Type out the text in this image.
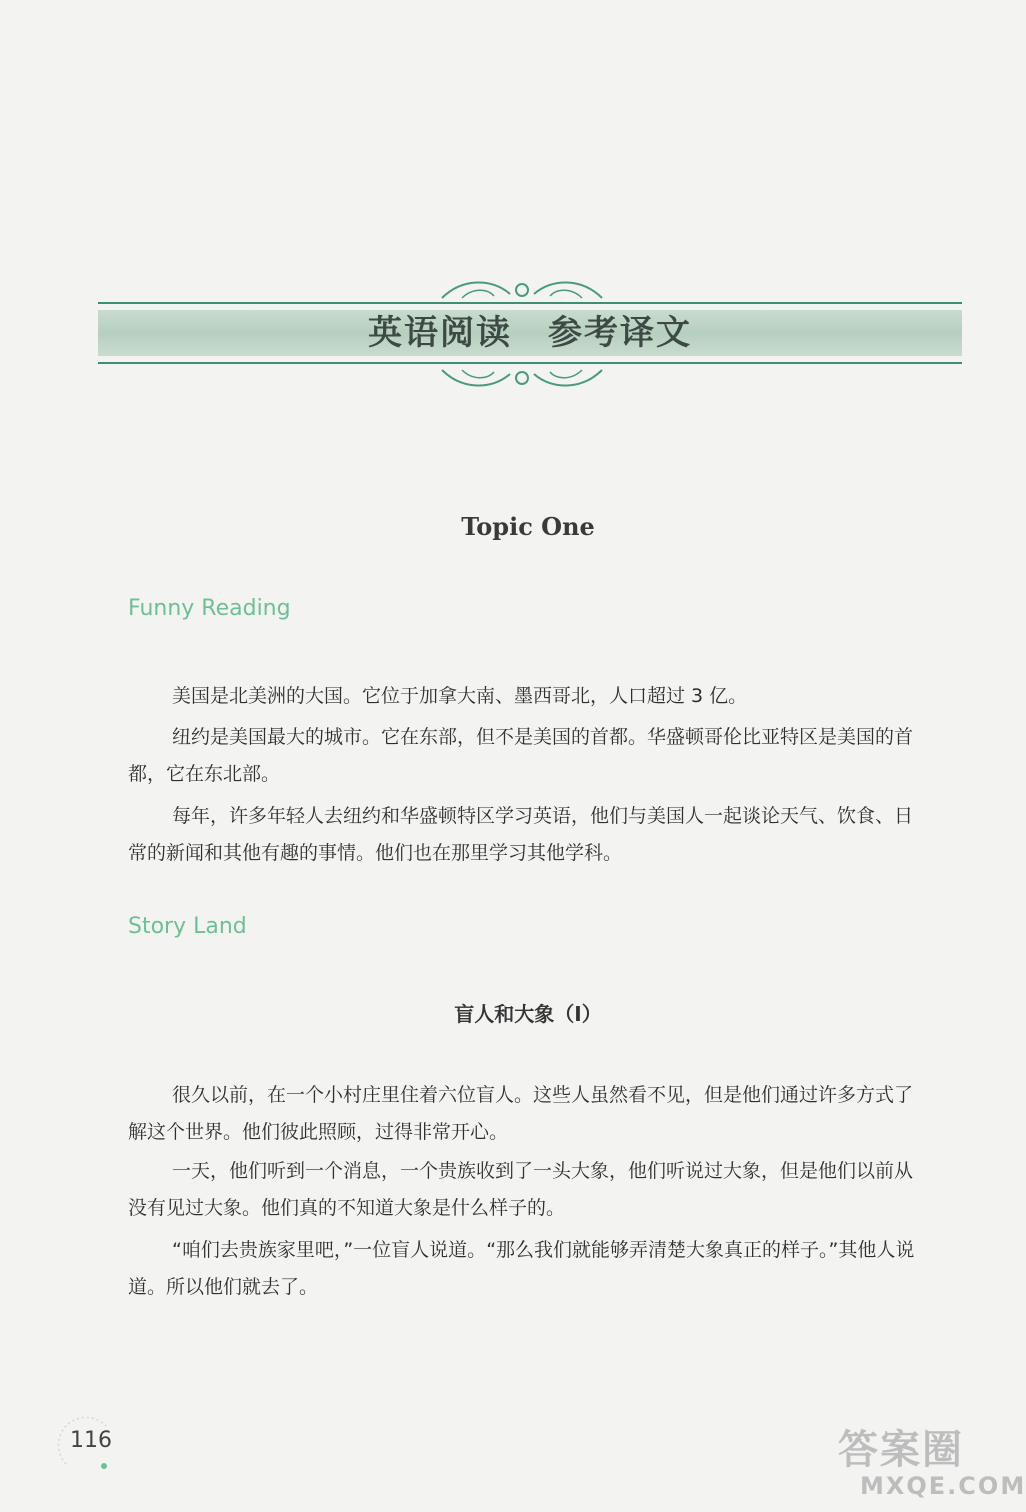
英语阅读　参考译文
Topic One
Funny Reading

美国是北美洲的大国。它位于加拿大南、墨西哥北，人口超过 3 亿。

纽约是美国最大的城市。它在东部，但不是美国的首都。华盛顿哥伦比亚特区是美国的首都，它在东北部。

每年，许多年轻人去纽约和华盛顿特区学习英语，他们与美国人一起谈论天气、饮食、日常的新闻和其他有趣的事情。他们也在那里学习其他学科。

Story Land
盲人和大象（Ⅰ）

很久以前，在一个小村庄里住着六位盲人。这些人虽然看不见，但是他们通过许多方式了解这个世界。他们彼此照顾，过得非常开心。

一天，他们听到一个消息，一个贵族收到了一头大象，他们听说过大象，但是他们以前从没有见过大象。他们真的不知道大象是什么样子的。

“咱们去贵族家里吧，”一位盲人说道。“那么我们就能够弄清楚大象真正的样子。”其他人说道。所以他们就去了。

116	答案圈
MXQE.COM
